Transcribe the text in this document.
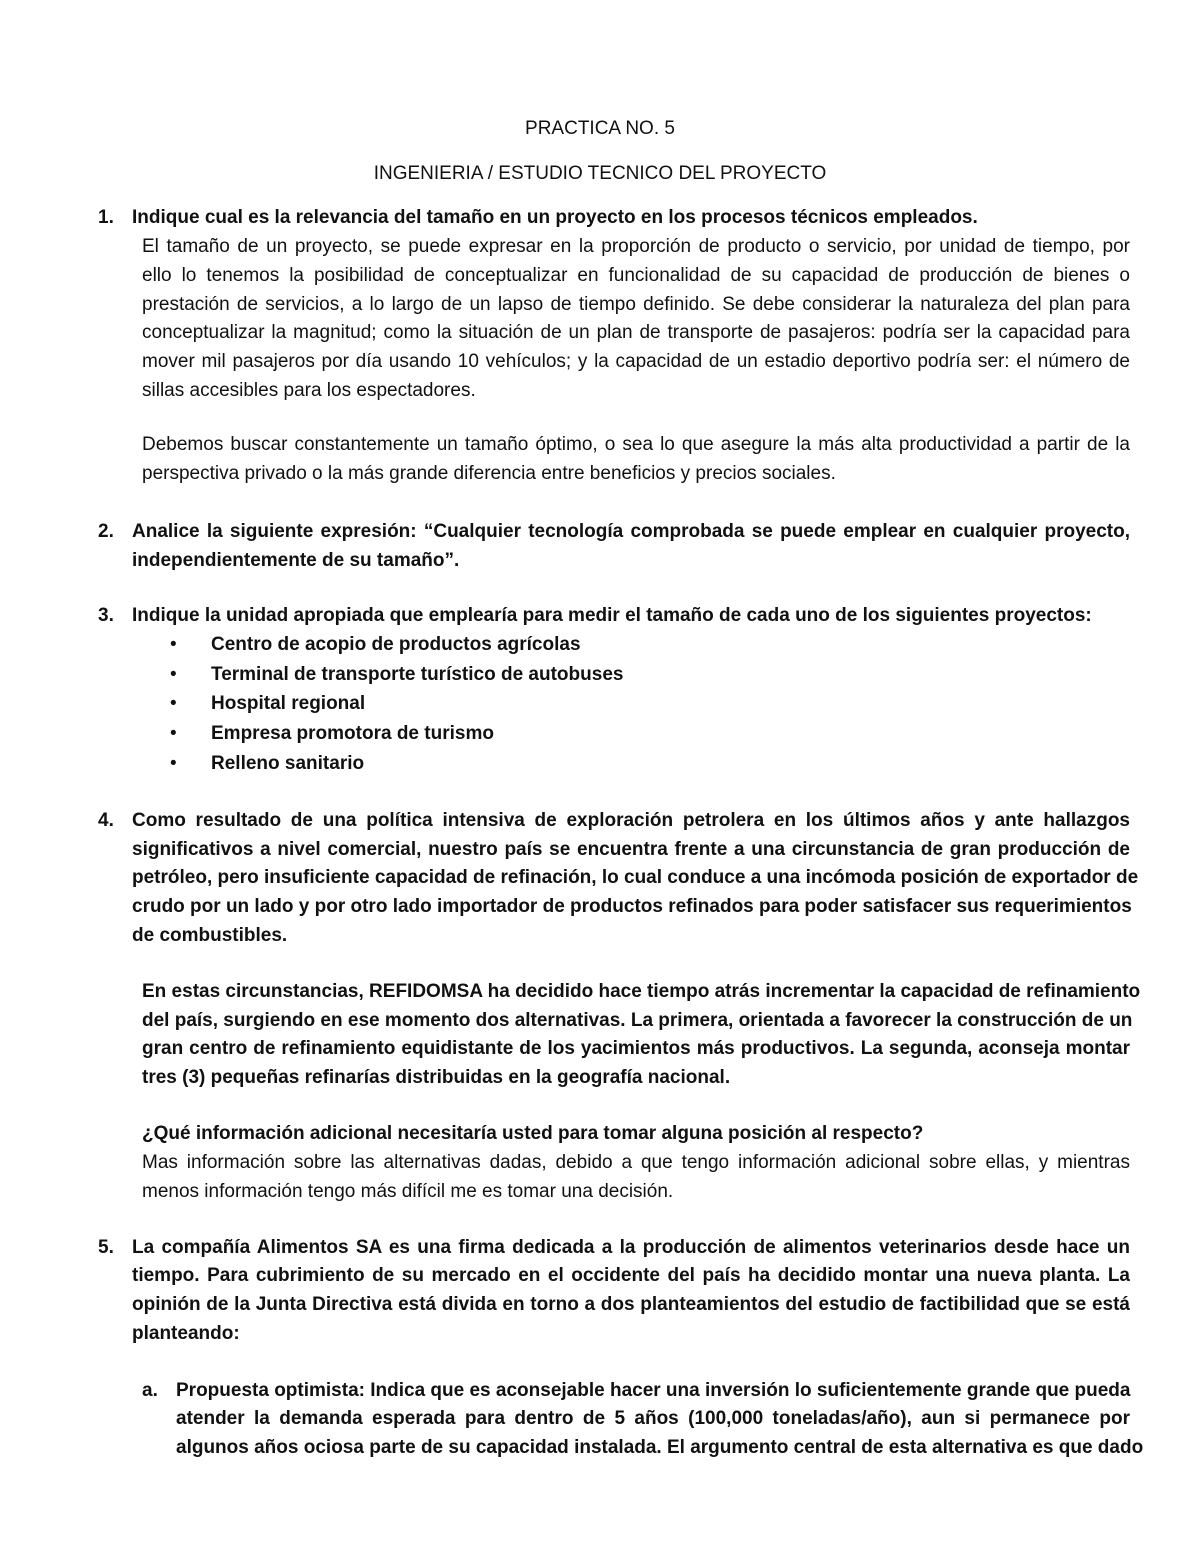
PRACTICA NO. 5
INGENIERIA / ESTUDIO TECNICO DEL PROYECTO
1. Indique cual es la relevancia del tamaño en un proyecto en los procesos técnicos empleados.
El tamaño de un proyecto, se puede expresar en la proporción de producto o servicio, por unidad de tiempo, por
ello lo tenemos la posibilidad de conceptualizar en funcionalidad de su capacidad de producción de bienes o
prestación de servicios, a lo largo de un lapso de tiempo definido. Se debe considerar la naturaleza del plan para
conceptualizar la magnitud; como la situación de un plan de transporte de pasajeros: podría ser la capacidad para
mover mil pasajeros por día usando 10 vehículos; y la capacidad de un estadio deportivo podría ser: el número de
sillas accesibles para los espectadores.
Debemos buscar constantemente un tamaño óptimo, o sea lo que asegure la más alta productividad a partir de la
perspectiva privado o la más grande diferencia entre beneficios y precios sociales.
2. Analice la siguiente expresión: “Cualquier tecnología comprobada se puede emplear en cualquier proyecto,
independientemente de su tamaño”.
3. Indique la unidad apropiada que emplearía para medir el tamaño de cada uno de los siguientes proyectos:
• Centro de acopio de productos agrícolas
• Terminal de transporte turístico de autobuses
• Hospital regional
• Empresa promotora de turismo
• Relleno sanitario
4. Como resultado de una política intensiva de exploración petrolera en los últimos años y ante hallazgos
significativos a nivel comercial, nuestro país se encuentra frente a una circunstancia de gran producción de
petróleo, pero insuficiente capacidad de refinación, lo cual conduce a una incómoda posición de exportador de
crudo por un lado y por otro lado importador de productos refinados para poder satisfacer sus requerimientos
de combustibles.
En estas circunstancias, REFIDOMSA ha decidido hace tiempo atrás incrementar la capacidad de refinamiento
del país, surgiendo en ese momento dos alternativas. La primera, orientada a favorecer la construcción de un
gran centro de refinamiento equidistante de los yacimientos más productivos. La segunda, aconseja montar
tres (3) pequeñas refinarías distribuidas en la geografía nacional.
¿Qué información adicional necesitaría usted para tomar alguna posición al respecto?
Mas información sobre las alternativas dadas, debido a que tengo información adicional sobre ellas, y mientras
menos información tengo más difícil me es tomar una decisión.
5. La compañía Alimentos SA es una firma dedicada a la producción de alimentos veterinarios desde hace un
tiempo. Para cubrimiento de su mercado en el occidente del país ha decidido montar una nueva planta. La
opinión de la Junta Directiva está divida en torno a dos planteamientos del estudio de factibilidad que se está
planteando:
a. Propuesta optimista: Indica que es aconsejable hacer una inversión lo suficientemente grande que pueda
atender la demanda esperada para dentro de 5 años (100,000 toneladas/año), aun si permanece por
algunos años ociosa parte de su capacidad instalada. El argumento central de esta alternativa es que dado
